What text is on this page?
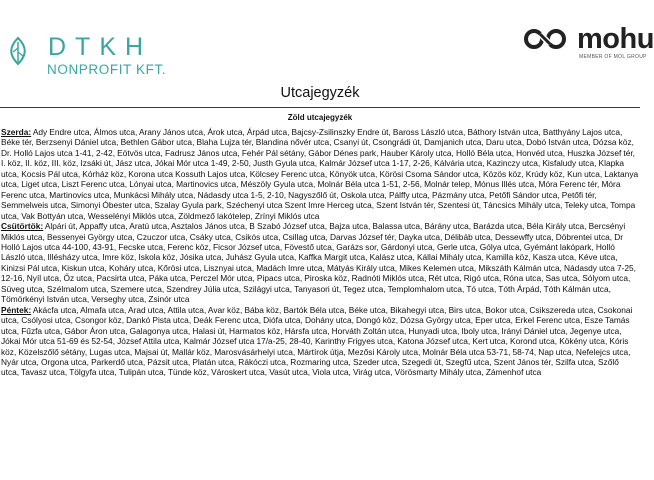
DTKH
NONPROFIT KFT.
mohu
MEMBER OF MOL GROUP
Utcajegyzék
Zöld utcajegyzék

Szerda: Ady Endre utca, Álmos utca, Arany János utca, Árok utca, Árpád utca, Bajcsy-Zsilinszky Endre út, Baross László utca, Báthory István utca, Batthyány Lajos utca, Béke tér, Berzsenyi Dániel utca, Bethlen Gábor utca, Blaha Lujza tér, Blandina nővér utca, Csanyi út, Csongrádi út, Damjanich utca, Daru utca, Dobó István utca, Dózsa köz, Dr. Holló Lajos utca 1-41, 2-42, Eötvös utca, Fadrusz János utca, Fehér Pál sétány, Gábor Dénes park, Hauber Károly utca, Holló Béla utca, Honvéd utca, Huszka József tér, I. köz, II. köz, III. köz, Izsáki út, Jász utca, Jókai Mór utca 1-49, 2-50, Justh Gyula utca, Kalmár József utca 1-17, 2-26, Kálvária utca, Kazinczy utca, Kisfaludy utca, Klapka utca, Kocsis Pál utca, Kórház köz, Korona utca Kossuth Lajos utca, Kölcsey Ferenc utca, Könyök utca, Körösi Csoma Sándor utca, Közös köz, Krúdy köz, Kun utca, Laktanya utca, Liget utca, Liszt Ferenc utca, Lónyai utca, Martinovics utca, Mészöly Gyula utca, Molnár Béla utca 1-51, 2-56, Molnár telep, Mónus Illés utca, Móra Ferenc tér, Móra Ferenc utca, Martinovics utca, Munkácsi Mihály utca, Nádasdy utca 1-5, 2-10, Nagyszőlő út, Oskola utca, Pálffy utca, Pázmány utca, Petőfi Sándor utca, Petőfi tér, Semmelweis utca, Simonyi Óbester utca, Szalay Gyula park, Széchenyi utca Szent Imre Herceg utca, Szent István tér, Szentesi út, Táncsics Mihály utca, Teleky utca, Tompa utca, Vak Bottyán utca, Wesselényi Miklós utca, Zöldmező lakótelep, Zrínyi Miklós utca
Csütörtök: Alpári út, Appaffy utca, Aratú utca, Asztalos János utca, B Szabó József utca, Bajza utca, Balassa utca, Bárány utca, Barázda utca, Béla Király utca, Bercsényi Miklós utca, Bessenyei György utca, Czuczor utca, Csáky utca, Csikós utca, Csillag utca, Darvas József tér, Dayka utca, Délibáb utca, Dessewffy utca, Döbrentei utca, Dr Holló Lajos utca 44-100, 43-91, Fecske utca, Ferenc köz, Ficsor József utca, Fövestő utca, Garázs sor, Gárdonyi utca, Gerle utca, Gólya utca, Gyémánt lakópark, Holló László utca, Illésházy utca, Imre köz, Iskola köz, Jósika utca, Juhász Gyula utca, Kaffka Margit utca, Kalász utca, Kállai Mihály utca, Kamilla köz, Kasza utca, Kéve utca, Kinizsi Pál utca, Kiskun utca, Koháry utca, Kőrösi utca, Lisznyai utca, Madách Imre utca, Mátyás Király utca, Mikes Kelemen utca, Mikszáth Kálmán utca, Nádasdy utca 7-25, 12-16, Nyíl utca, Őz utca, Pacsirta utca, Páka utca, Perczel Mór utca, Pipacs utca, Piroska köz, Radnóti Miklós utca, Rét utca, Rigó utca, Róna utca, Sas utca, Sólyom utca, Süveg utca, Szélmalom utca, Szemere utca, Szendrey Júlia utca, Szilágyi utca, Tanyasori út, Tegez utca, Templomhalom utca, Tó utca, Tóth Árpád, Tóth Kálmán utca, Tömörkényi István utca, Verseghy utca, Zsinór utca
Péntek: Akácfa utca, Almafa utca, Arad utca, Attila utca, Avar köz, Bába köz, Bartók Béla utca, Béke utca, Bikahegyi utca, Birs utca, Bokor utca, Csikszereda utca, Csokonai utca, Csólyosi utca, Csongor köz, Dankó Pista utca, Deák Ferenc utca, Diófa utca, Dohány utca, Dongó köz, Dózsa György utca, Eper utca, Erkel Ferenc utca, Esze Tamás utca, Fűzfa utca, Gábor Áron utca, Galagonya utca, Halasi út, Harmatos köz, Hársfa utca, Horváth Zoltán utca, Hunyadi utca, Iboly utca, Irányi Dániel utca, Jegenye utca, Jókai Mór utca 51-69 és 52-54, József Attila utca, Kalmár József utca 17/a-25, 28-40, Karinthy Frigyes utca, Katona József utca, Kert utca, Korond utca, Kökény utca, Kóris köz, Közelszőlő sétány, Lugas utca, Majsai út, Mallár köz, Marosvásárhelyi utca, Mártírok útja, Mezősi Károly utca, Molnár Béla utca 53-71, 58-74, Nap utca, Nefelejcs utca, Nyár utca, Orgona utca, Parkerdő utca, Pázsit utca, Platán utca, Rákóczi utca, Rozmaring utca, Szeder utca, Szegedi út, Szegfű utca, Szent János tér, Szilfa utca, Szőlő utca, Tavasz utca, Tölgyfa utca, Tulipán utca, Tünde köz, Városkert utca, Vasút utca, Viola utca, Virág utca, Vörösmarty Mihály utca, Zámenhof utca
